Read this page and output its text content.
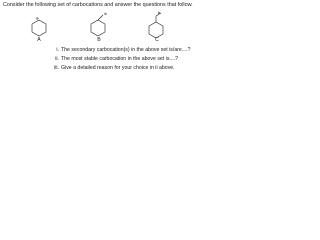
Consider the following set of carbocations and answer the questions that follow.
⊕
⊕	⊕
A	B	C
i. The secondary carbocation(s) in the above set is/are....?
ii. The most stable carbocation in the above set is....?
iii. Give a detailed reason for your choice in ii above.
